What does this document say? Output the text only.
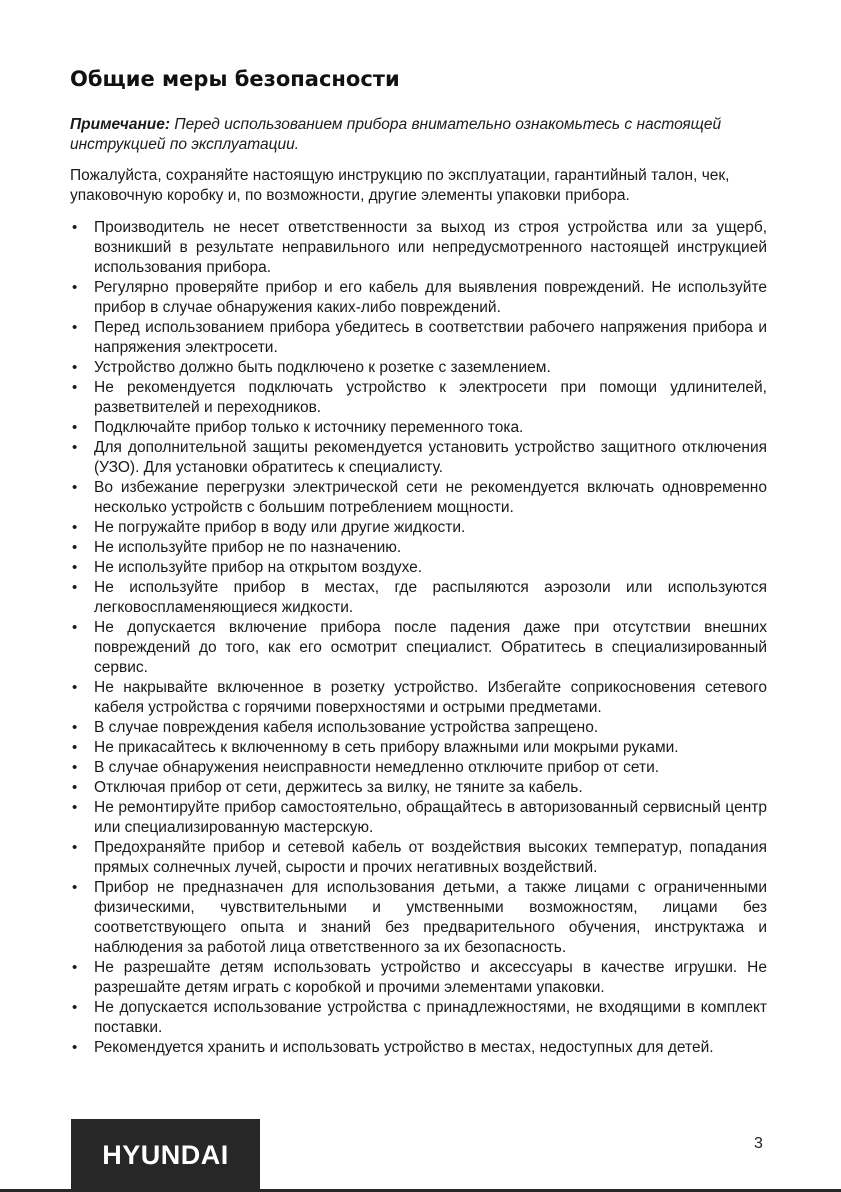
Общие меры безопасности

Примечание: Перед использованием прибора внимательно ознакомьтесь с настоящей инструкцией по эксплуатации.

Пожалуйста, сохраняйте настоящую инструкцию по эксплуатации, гарантийный талон, чек, упаковочную коробку и, по возможности, другие элементы упаковки прибора.

• Производитель не несет ответственности за выход из строя устройства или за ущерб, возникший в результате неправильного или непредусмотренного настоящей инструкцией использования прибора.
• Регулярно проверяйте прибор и его кабель для выявления повреждений. Не используйте прибор в случае обнаружения каких-либо повреждений.
• Перед использованием прибора убедитесь в соответствии рабочего напряжения прибора и напряжения электросети.
• Устройство должно быть подключено к розетке с заземлением.
• Не рекомендуется подключать устройство к электросети при помощи удлинителей, разветвителей и переходников.
• Подключайте прибор только к источнику переменного тока.
• Для дополнительной защиты рекомендуется установить устройство защитного отключения (УЗО). Для установки обратитесь к специалисту.
• Во избежание перегрузки электрической сети не рекомендуется включать одновременно несколько устройств с большим потреблением мощности.
• Не погружайте прибор в воду или другие жидкости.
• Не используйте прибор не по назначению.
• Не используйте прибор на открытом воздухе.
• Не используйте прибор в местах, где распыляются аэрозоли или используются легковоспламеняющиеся жидкости.
• Не допускается включение прибора после падения даже при отсутствии внешних повреждений до того, как его осмотрит специалист. Обратитесь в специализированный сервис.
• Не накрывайте включенное в розетку устройство. Избегайте соприкосновения сетевого кабеля устройства с горячими поверхностями и острыми предметами.
• В случае повреждения кабеля использование устройства запрещено.
• Не прикасайтесь к включенному в сеть прибору влажными или мокрыми руками.
• В случае обнаружения неисправности немедленно отключите прибор от сети.
• Отключая прибор от сети, держитесь за вилку, не тяните за кабель.
• Не ремонтируйте прибор самостоятельно, обращайтесь в авторизованный сервисный центр или специализированную мастерскую.
• Предохраняйте прибор и сетевой кабель от воздействия высоких температур, попадания прямых солнечных лучей, сырости и прочих негативных воздействий.
• Прибор не предназначен для использования детьми, а также лицами с ограниченными физическими, чувствительными и умственными возможностям, лицами без соответствующего опыта и знаний без предварительного обучения, инструктажа и наблюдения за работой лица ответственного за их безопасность.
• Не разрешайте детям использовать устройство и аксессуары в качестве игрушки. Не разрешайте детям играть с коробкой и прочими элементами упаковки.
• Не допускается использование устройства с принадлежностями, не входящими в комплект поставки.
• Рекомендуется хранить и использовать устройство в местах, недоступных для детей.
HYUNDAI	3
